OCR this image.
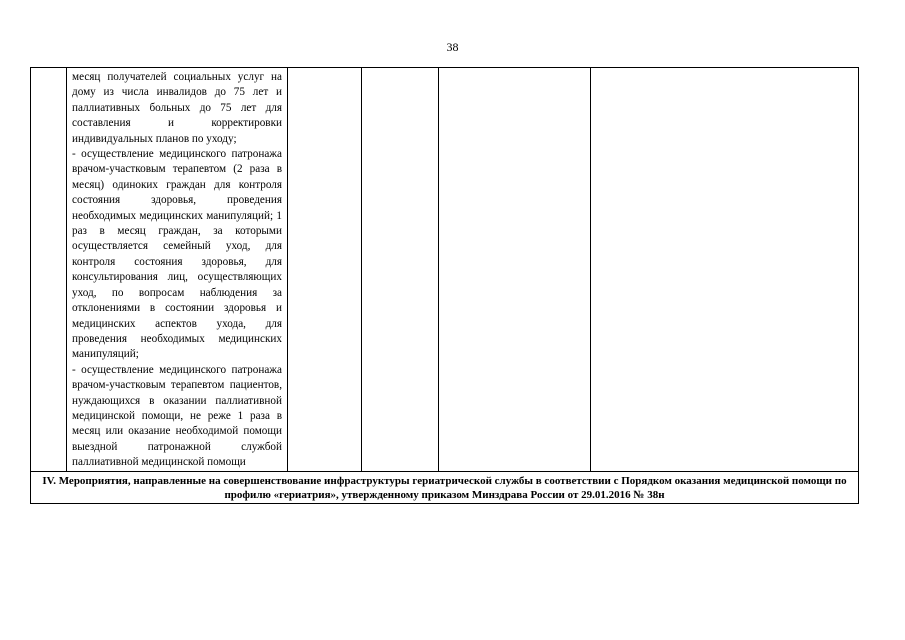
38

месяц получателей социальных услуг на дому из числа инвалидов до 75 лет и паллиативных больных до 75 лет для составления и корректировки индивидуальных планов по уходу;

- осуществление медицинского патронажа врачом-участковым терапевтом (2 раза в месяц) одиноких граждан для контроля состояния здоровья, проведения необходимых медицинских манипуляций; 1 раз в месяц граждан, за которыми осуществляется семейный уход, для контроля состояния здоровья, для консультирования лиц, осуществляющих уход, по вопросам наблюдения за отклонениями в состоянии здоровья и медицинских аспектов ухода, для проведения необходимых медицинских манипуляций;

- осуществление медицинского патронажа врачом-участковым терапевтом пациентов, нуждающихся в оказании паллиативной медицинской помощи, не реже 1 раза в месяц или оказание необходимой помощи выездной патронажной службой паллиативной медицинской помощи

IV. Мероприятия, направленные на совершенствование инфраструктуры гериатрической службы в соответствии с Порядком оказания медицинской помощи по профилю «гериатрия», утвержденному приказом Минздрава России от 29.01.2016 № 38н
